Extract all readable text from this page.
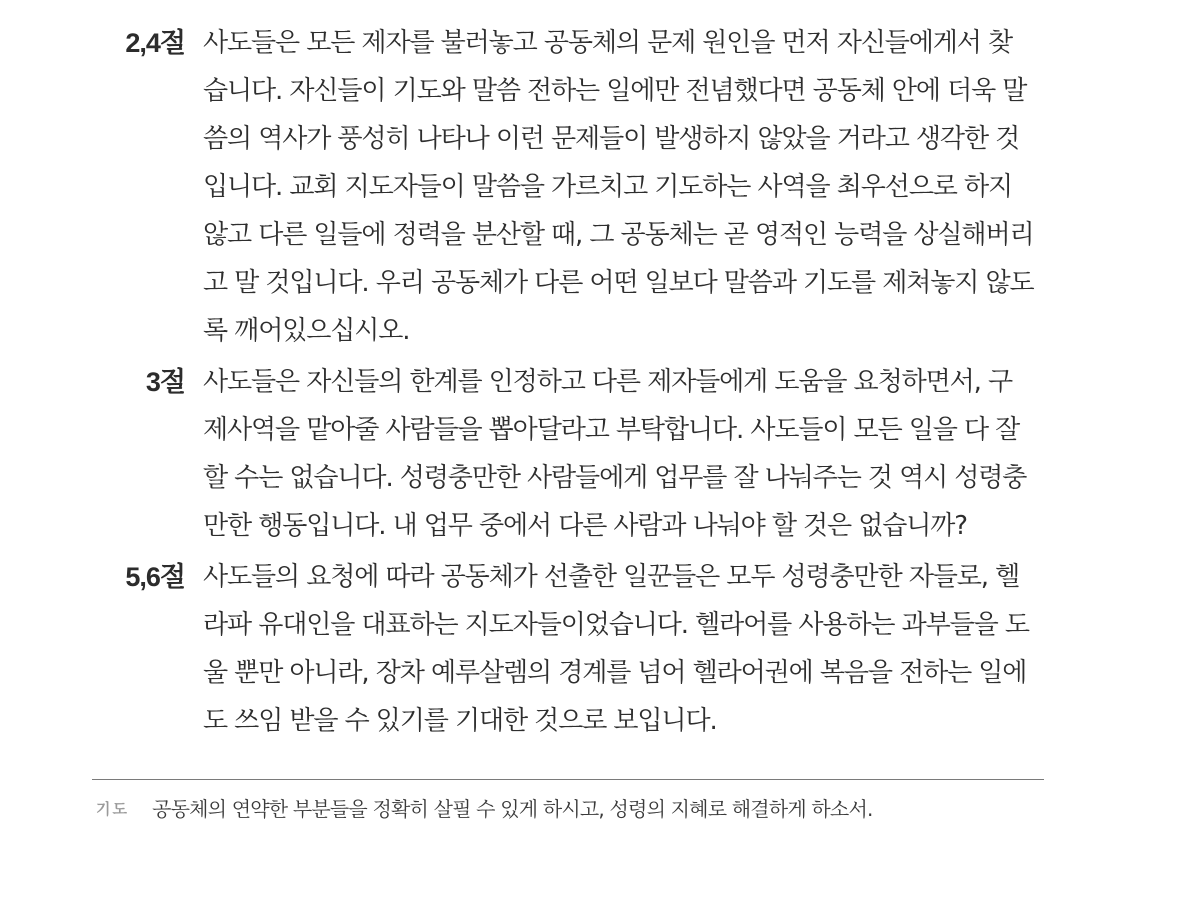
2,4절 사도들은 모든 제자를 불러놓고 공동체의 문제 원인을 먼저 자신들에게서 찾
습니다. 자신들이 기도와 말씀 전하는 일에만 전념했다면 공동체 안에 더욱 말
씀의 역사가 풍성히 나타나 이런 문제들이 발생하지 않았을 거라고 생각한 것
입니다. 교회 지도자들이 말씀을 가르치고 기도하는 사역을 최우선으로 하지
않고 다른 일들에 정력을 분산할 때, 그 공동체는 곧 영적인 능력을 상실해버리
고 말 것입니다. 우리 공동체가 다른 어떤 일보다 말씀과 기도를 제쳐놓지 않도
록 깨어있으십시오.
3절 사도들은 자신들의 한계를 인정하고 다른 제자들에게 도움을 요청하면서, 구
제사역을 맡아줄 사람들을 뽑아달라고 부탁합니다. 사도들이 모든 일을 다 잘
할 수는 없습니다. 성령충만한 사람들에게 업무를 잘 나눠주는 것 역시 성령충
만한 행동입니다. 내 업무 중에서 다른 사람과 나눠야 할 것은 없습니까?
5,6절 사도들의 요청에 따라 공동체가 선출한 일꾼들은 모두 성령충만한 자들로, 헬
라파 유대인을 대표하는 지도자들이었습니다. 헬라어를 사용하는 과부들을 도
울 뿐만 아니라, 장차 예루살렘의 경계를 넘어 헬라어권에 복음을 전하는 일에
도 쓰임 받을 수 있기를 기대한 것으로 보입니다.
기도 공동체의 연약한 부분들을 정확히 살필 수 있게 하시고, 성령의 지혜로 해결하게 하소서.
